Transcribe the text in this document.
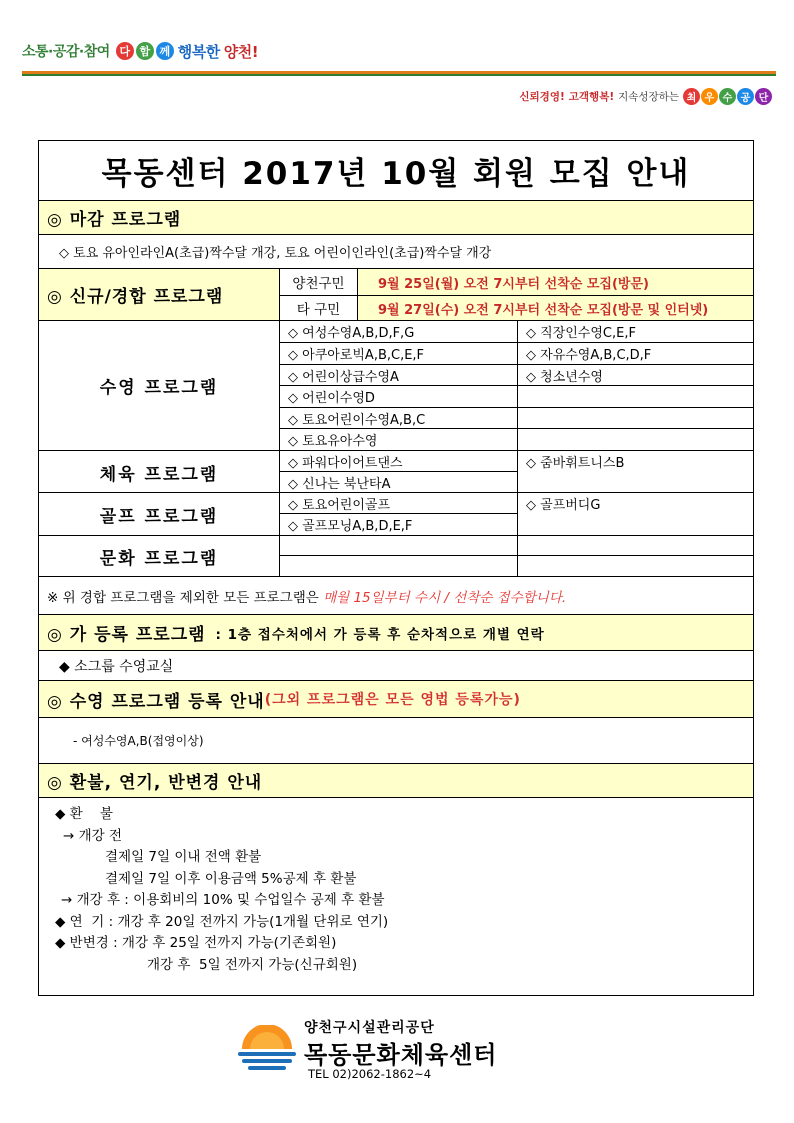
소통·공감·참여 다 함 께 행복한 양천!
신뢰경영! 고객행복! 지속성장하는 최 우 수 공 단
목동센터 2017년 10월 회원 모집 안내
◎ 마감 프로그램
◇ 토요 유아인라인A(초급)짝수달 개강, 토요 어린이인라인(초급)짝수달 개강
◎ 신규/경합 프로그램
양천구민	9월 25일(월) 오전 7시부터 선착순 모집(방문)
타 구민	9월 27일(수) 오전 7시부터 선착순 모집(방문 및 인터넷)
수영 프로그램
◇ 여성수영A,B,D,F,G
◇ 아쿠아로빅A,B,C,E,F
◇ 어린이상급수영A
◇ 어린이수영D
◇ 토요어린이수영A,B,C
◇ 토요유아수영
◇ 직장인수영C,E,F
◇ 자유수영A,B,C,D,F
◇ 청소년수영
체육 프로그램
◇ 파워다이어트댄스
◇ 신나는 북난타A
◇ 줌바휘트니스B
골프 프로그램
◇ 토요어린이골프
◇ 골프모닝A,B,D,E,F
◇ 골프버디G
문화 프로그램
※ 위 경합 프로그램을 제외한 모든 프로그램은 매월 15일부터 수시 / 선착순 접수합니다.
◎ 가 등록 프로그램 : 1층 접수처에서 가 등록 후 순차적으로 개별 연락
◆ 소그룹 수영교실
◎ 수영 프로그램 등록 안내 (그외 프로그램은 모든 영법 등록가능)
- 여성수영A,B(접영이상)
◎ 환불, 연기, 반변경 안내
◆ 환    불
→ 개강 전
결제일 7일 이내 전액 환불
결제일 7일 이후 이용금액 5%공제 후 환불
→ 개강 후 : 이용회비의 10% 및 수업일수 공제 후 환불
◆ 연  기 : 개강 후 20일 전까지 가능(1개월 단위로 연기)
◆ 반변경 : 개강 후 25일 전까지 가능(기존회원)
개강 후  5일 전까지 가능(신규회원)
양천구시설관리공단
목동문화체육센터
TEL 02)2062-1862~4
